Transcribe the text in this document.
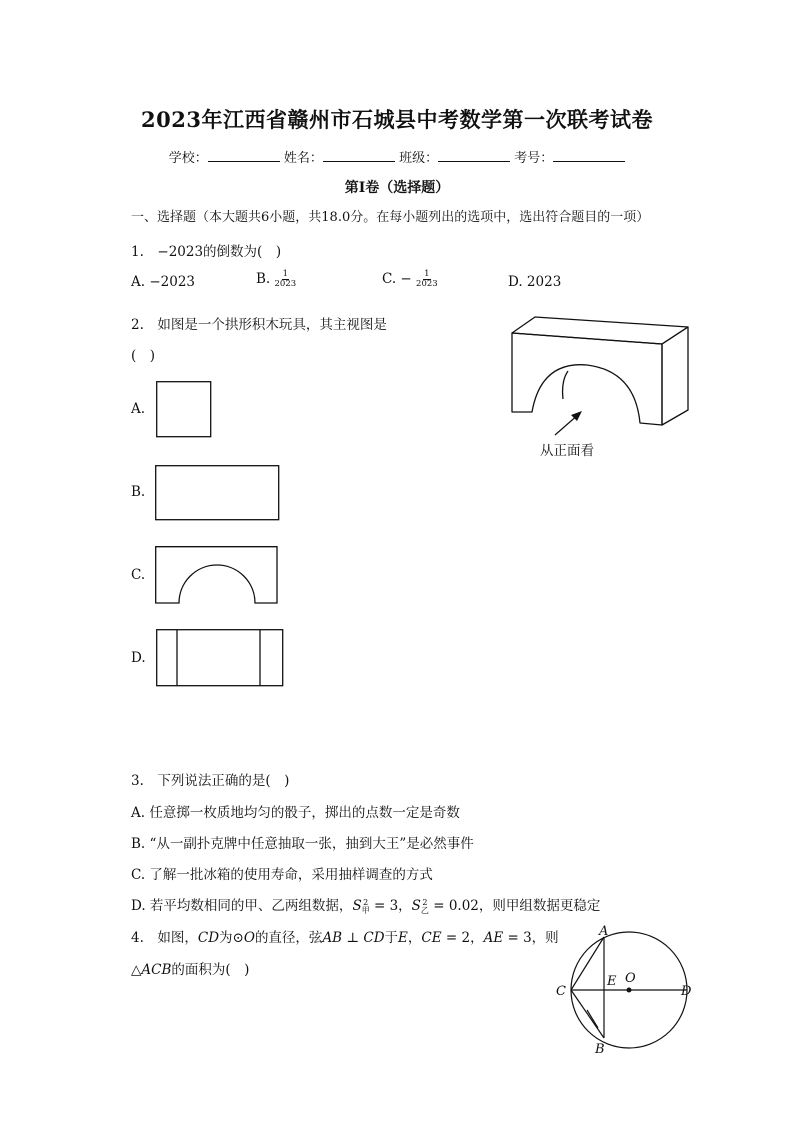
2023年江西省赣州市石城县中考数学第一次联考试卷
学校：	姓名：	班级：	考号：
第I卷（选择题）
一、选择题（本大题共6小题，共18.0分。在每小题列出的选项中，选出符合题目的一项）
1.　−2023的倒数为(　)
A. −2023	B. $\frac{1}{2023}$	C. − $\frac{1}{2023}$	D. 2023
2.　如图是一个拱形积木玩具，其主视图是
(　)
从正面看
A.
B.
C.
D.
3.　下列说法正确的是(　)
A. 任意掷一枚质地均匀的骰子，掷出的点数一定是奇数
B. “从一副扑克牌中任意抽取一张，抽到大王”是必然事件
C. 了解一批冰箱的使用寿命，采用抽样调查的方式
D. 若平均数相同的甲、乙两组数据，S 2
甲 = 3，S 2
乙 = 0.02，则甲组数据更稳定
4.　如图，CD为⊙O的直径，弦AB ⊥ CD于E，CE = 2，AE = 3，则
△ACB的面积为(　)
A
B
C	D
E O
